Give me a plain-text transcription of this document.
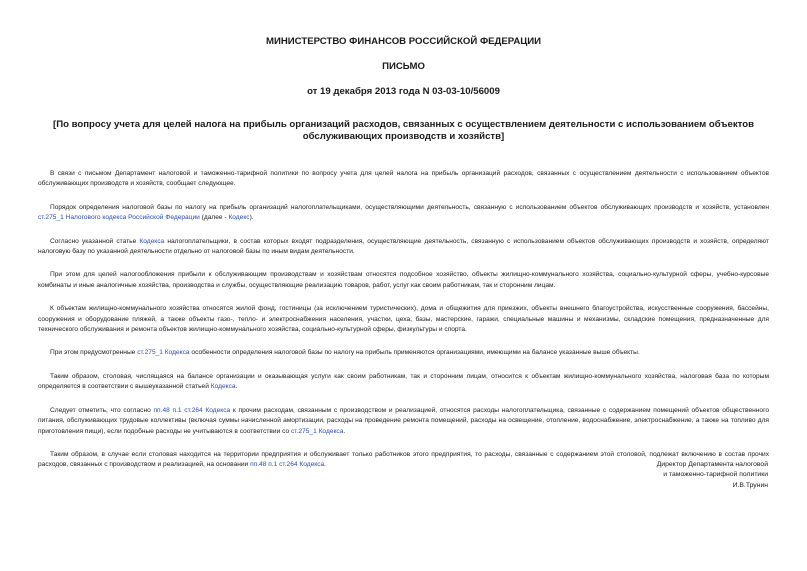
МИНИСТЕРСТВО ФИНАНСОВ РОССИЙСКОЙ ФЕДЕРАЦИИ
ПИСЬМО
от 19 декабря 2013 года N 03-03-10/56009
[По вопросу учета для целей налога на прибыль организаций расходов, связанных с осуществлением деятельности с использованием объектов обслуживающих производств и хозяйств]

В связи с письмом Департамент налоговой и таможенно-тарифной политики по вопросу учета для целей налога на прибыль организаций расходов, связанных с осуществлением деятельности с использованием объектов обслуживающих производств и хозяйств, сообщает следующее.

Порядок определения налоговой базы по налогу на прибыль организаций налогоплательщиками, осуществляющими деятельность, связанную с использованием объектов обслуживающих производств и хозяйств, установлен ст.275_1 Налогового кодекса Российской Федерации (далее - Кодекс).

Согласно указанной статье Кодекса налогоплательщики, в состав которых входят подразделения, осуществляющие деятельность, связанную с использованием объектов обслуживающих производств и хозяйств, определяют налоговую базу по указанной деятельности отдельно от налоговой базы по иным видам деятельности.

При этом для целей налогообложения прибыли к обслуживающим производствам и хозяйствам относятся подсобное хозяйство, объекты жилищно-коммунального хозяйства, социально-культурной сферы, учебно-курсовые комбинаты и иные аналогичные хозяйства, производства и службы, осуществляющие реализацию товаров, работ, услуг как своим работникам, так и сторонним лицам.

К объектам жилищно-коммунального хозяйства относятся жилой фонд, гостиницы (за исключением туристических), дома и общежития для приезжих, объекты внешнего благоустройства, искусственные сооружения, бассейны, сооружения и оборудование пляжей, а также объекты газо-, тепло- и электроснабжения населения, участки, цеха, базы, мастерские, гаражи, специальные машины и механизмы, складские помещения, предназначенные для технического обслуживания и ремонта объектов жилищно-коммунального хозяйства, социально-культурной сферы, физкультуры и спорта.

При этом предусмотренные ст.275_1 Кодекса особенности определения налоговой базы по налогу на прибыль применяются организациями, имеющими на балансе указанные выше объекты.

Таким образом, столовая, числящаяся на балансе организации и оказывающая услуги как своим работникам, так и сторонним лицам, относится к объектам жилищно-коммунального хозяйства, налоговая база по которым определяется в соответствии с вышеуказанной статьей Кодекса.

Следует отметить, что согласно пп.48 п.1 ст.264 Кодекса к прочим расходам, связанным с производством и реализацией, относятся расходы налогоплательщика, связанные с содержанием помещений объектов общественного питания, обслуживающих трудовые коллективы (включая суммы начисленной амортизации, расходы на проведение ремонта помещений, расходы на освещение, отопление, водоснабжение, электроснабжение, а также на топливо для приготовления пищи), если подобные расходы не учитываются в соответствии со ст.275_1 Кодекса.

Таким образом, в случае если столовая находится на территории предприятия и обслуживает только работников этого предприятия, то расходы, связанные с содержанием этой столовой, подлежат включению в состав прочих расходов, связанных с производством и реализацией, на основании пп.48 п.1 ст.264 Кодекса.	Директор Департамента налоговой
и таможенно-тарифной политики
И.В.Трунин
